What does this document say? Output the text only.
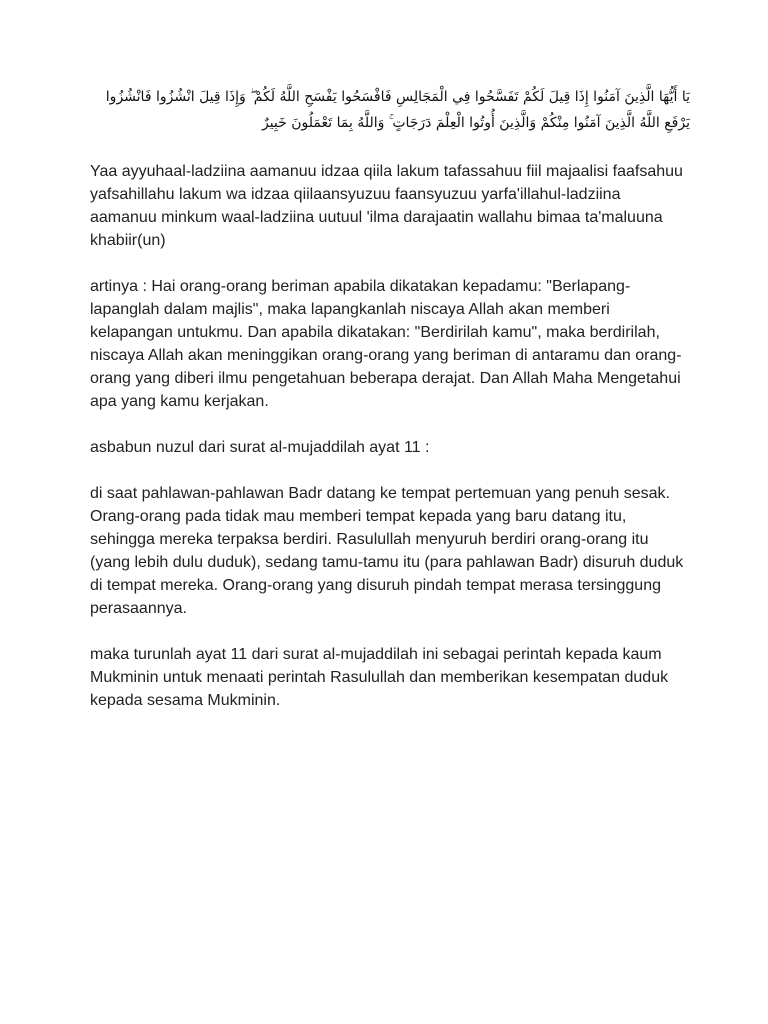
يَا أَيُّهَا الَّذِينَ آمَنُوا إِذَا قِيلَ لَكُمْ تَفَسَّحُوا فِي الْمَجَالِسِ فَافْسَحُوا يَفْسَحِ اللَّهُ لَكُمْ ۖ وَإِذَا قِيلَ انْشُزُوا فَانْشُزُوا يَرْفَعِ اللَّهُ الَّذِينَ آمَنُوا مِنْكُمْ وَالَّذِينَ أُوتُوا الْعِلْمَ دَرَجَاتٍ ۚ وَاللَّهُ بِمَا تَعْمَلُونَ خَبِيرٌ

Yaa ayyuhaal-ladziina aamanuu idzaa qiila lakum tafassahuu fiil majaalisi faafsahuu yafsahillahu lakum wa idzaa qiilaansyuzuu faansyuzuu yarfa'illahul-ladziina aamanuu minkum waal-ladziina uutuul 'ilma darajaatin wallahu bimaa ta'maluuna khabiir(un)

artinya : Hai orang-orang beriman apabila dikatakan kepadamu: "Berlapang-lapanglah dalam majlis", maka lapangkanlah niscaya Allah akan memberi kelapangan untukmu. Dan apabila dikatakan: "Berdirilah kamu", maka berdirilah, niscaya Allah akan meninggikan orang-orang yang beriman di antaramu dan orang-orang yang diberi ilmu pengetahuan beberapa derajat. Dan Allah Maha Mengetahui apa yang kamu kerjakan.

asbabun nuzul dari surat al-mujaddilah ayat 11 :

di saat pahlawan-pahlawan Badr datang ke tempat pertemuan yang penuh sesak. Orang-orang pada tidak mau memberi tempat kepada yang baru datang itu, sehingga mereka terpaksa berdiri. Rasulullah menyuruh berdiri orang-orang itu (yang lebih dulu duduk), sedang tamu-tamu itu (para pahlawan Badr) disuruh duduk di tempat mereka. Orang-orang yang disuruh pindah tempat merasa tersinggung perasaannya.

maka turunlah ayat 11 dari surat al-mujaddilah ini sebagai perintah kepada kaum Mukminin untuk menaati perintah Rasulullah dan memberikan kesempatan duduk kepada sesama Mukminin.
